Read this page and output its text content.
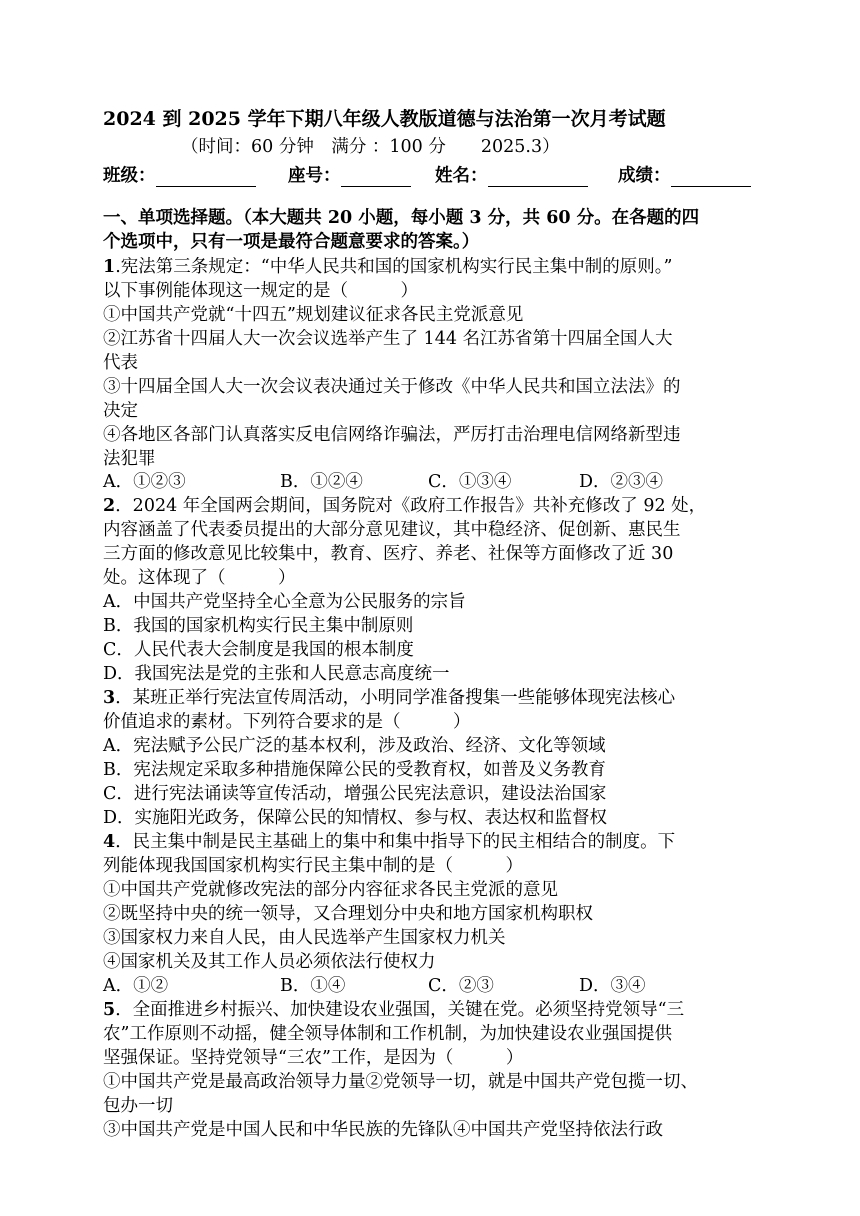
2024 到 2025 学年下期八年级人教版道德与法治第一次月考试题
（时间：60 分钟　满分 ：100 分　　2025.3）
班级：	座号：	姓名：	成绩：
一、单项选择题。（本大题共 20 小题，每小题 3 分，共 60 分。在各题的四
个选项中，只有一项是最符合题意要求的答案。）
1.宪法第三条规定：“中华人民共和国的国家机构实行民主集中制的原则。”
以下事例能体现这一规定的是（　　　）
①中国共产党就“十四五”规划建议征求各民主党派意见
②江苏省十四届人大一次会议选举产生了 144 名江苏省第十四届全国人大
代表
③十四届全国人大一次会议表决通过关于修改《中华人民共和国立法法》的
决定
④各地区各部门认真落实反电信网络诈骗法，严厉打击治理电信网络新型违
法犯罪
A．①②③	B．①②④	C．①③④	D．②③④
2．2024 年全国两会期间，国务院对《政府工作报告》共补充修改了 92 处，
内容涵盖了代表委员提出的大部分意见建议，其中稳经济、促创新、惠民生
三方面的修改意见比较集中，教育、医疗、养老、社保等方面修改了近 30
处。这体现了（　　　）
A．中国共产党坚持全心全意为公民服务的宗旨
B．我国的国家机构实行民主集中制原则
C．人民代表大会制度是我国的根本制度
D．我国宪法是党的主张和人民意志高度统一
3．某班正举行宪法宣传周活动，小明同学准备搜集一些能够体现宪法核心
价值追求的素材。下列符合要求的是（　　　）
A．宪法赋予公民广泛的基本权利，涉及政治、经济、文化等领域
B．宪法规定采取多种措施保障公民的受教育权，如普及义务教育
C．进行宪法诵读等宣传活动，增强公民宪法意识，建设法治国家
D．实施阳光政务，保障公民的知情权、参与权、表达权和监督权
4．民主集中制是民主基础上的集中和集中指导下的民主相结合的制度。下
列能体现我国国家机构实行民主集中制的是（　　　）
①中国共产党就修改宪法的部分内容征求各民主党派的意见
②既坚持中央的统一领导，又合理划分中央和地方国家机构职权
③国家权力来自人民，由人民选举产生国家权力机关
④国家机关及其工作人员必须依法行使权力
A．①②	B．①④	C．②③	D．③④
5．全面推进乡村振兴、加快建设农业强国，关键在党。必须坚持党领导“三
农”工作原则不动摇，健全领导体制和工作机制，为加快建设农业强国提供
坚强保证。坚持党领导“三农”工作，是因为（　　　）
①中国共产党是最高政治领导力量②党领导一切，就是中国共产党包揽一切、
包办一切
③中国共产党是中国人民和中华民族的先锋队④中国共产党坚持依法行政
